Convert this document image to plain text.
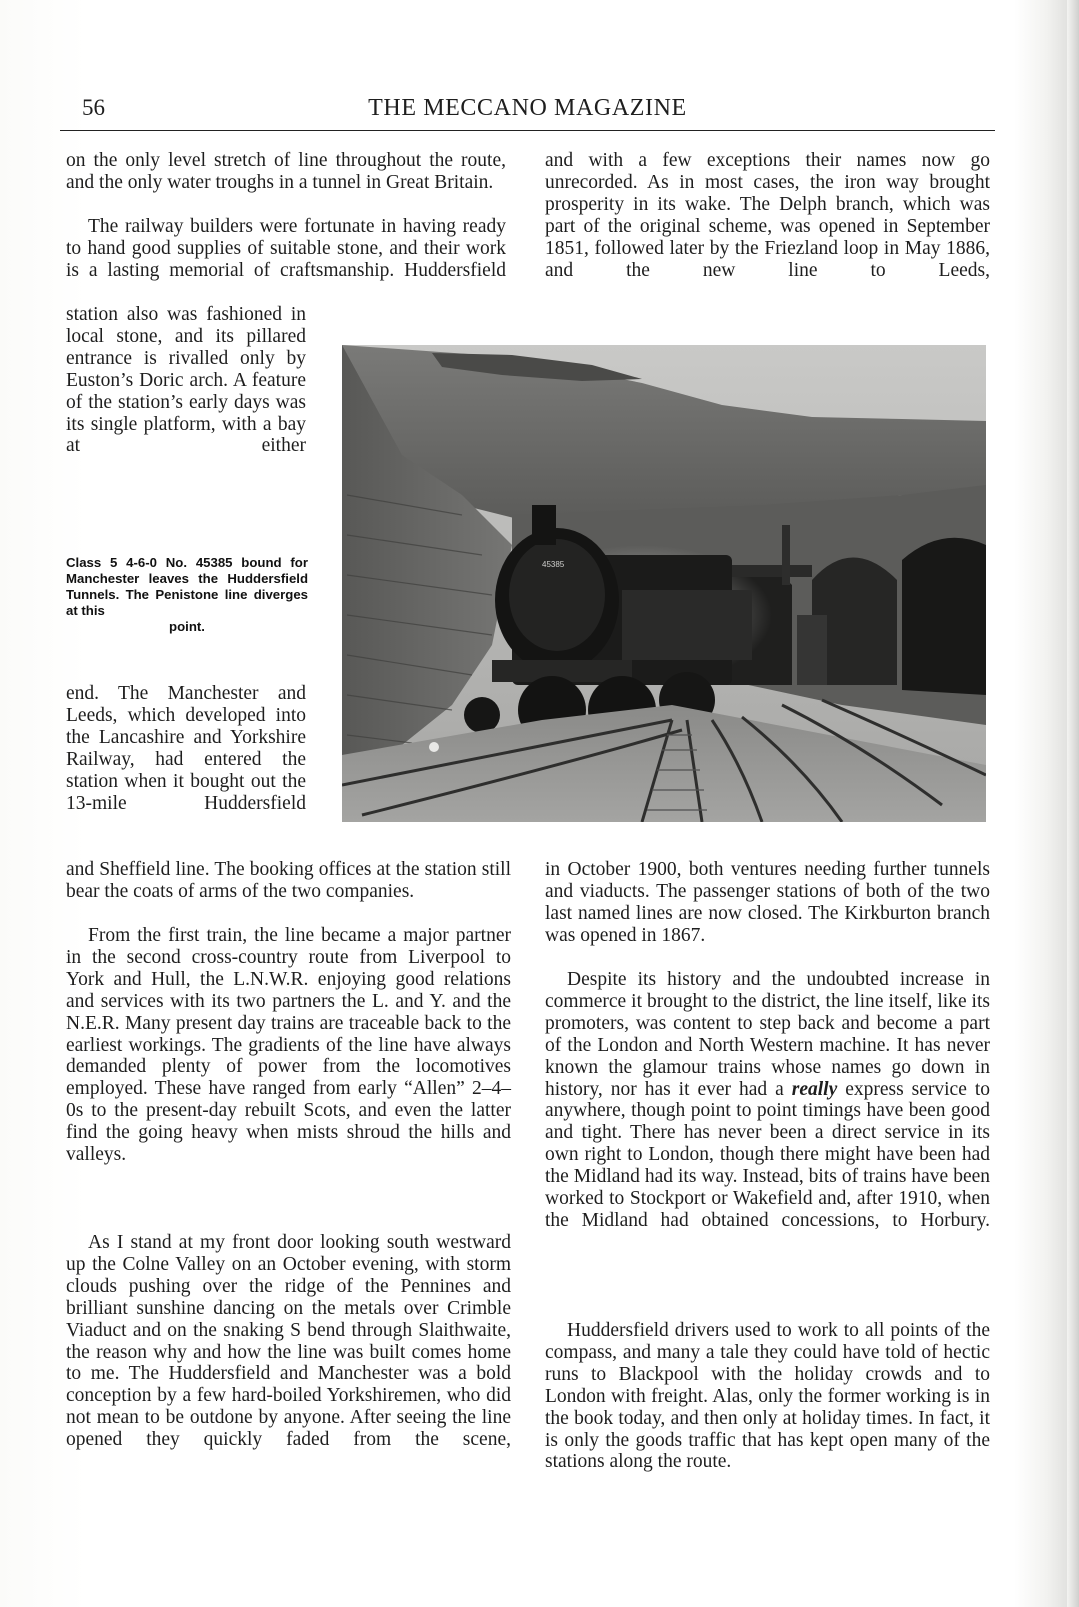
56	THE MECCANO MAGAZINE

on the only level stretch of line throughout the route, and the only water troughs in a tunnel in Great Britain.

The railway builders were fortunate in having ready to hand good supplies of suitable stone, and their work is a lasting memorial of craftsmanship. Huddersfield

station also was fashioned in local stone, and its pillared entrance is rivalled only by Euston’s Doric arch. A feature of the station’s early days was its single platform, with a bay at either

Class 5 4-6-0 No. 45385 bound for Manchester leaves the Huddersfield Tunnels. The Penistone line diverges at this
point.

end. The Manchester and Leeds, which developed into the Lancashire and Yorkshire Railway, had entered the station when it bought out the 13-mile Huddersfield

and Sheffield line. The booking offices at the station still bear the coats of arms of the two companies.

From the first train, the line became a major partner in the second cross-country route from Liverpool to York and Hull, the L.N.W.R. enjoying good relations and services with its two partners the L. and Y. and the N.E.R. Many present day trains are traceable back to the earliest workings. The gradients of the line have always demanded plenty of power from the locomotives employed. These have ranged from early “Allen” 2–4–0s to the present-day rebuilt Scots, and even the latter find the going heavy when mists shroud the hills and valleys.

As I stand at my front door looking south westward up the Colne Valley on an October evening, with storm clouds pushing over the ridge of the Pennines and brilliant sunshine dancing on the metals over Crimble Viaduct and on the snaking S bend through Slaithwaite, the reason why and how the line was built comes home to me. The Huddersfield and Manchester was a bold conception by a few hard-boiled Yorkshiremen, who did not mean to be outdone by anyone. After seeing the line opened they quickly faded from the scene,

and with a few exceptions their names now go unrecorded. As in most cases, the iron way brought prosperity in its wake. The Delph branch, which was part of the original scheme, was opened in September 1851, followed later by the Friezland loop in May 1886, and the new line to Leeds,

45385

in October 1900, both ventures needing further tunnels and viaducts. The passenger stations of both of the two last named lines are now closed. The Kirkburton branch was opened in 1867.

Despite its history and the undoubted increase in commerce it brought to the district, the line itself, like its promoters, was content to step back and become a part of the London and North Western machine. It has never known the glamour trains whose names go down in history, nor has it ever had a really express service to anywhere, though point to point timings have been good and tight. There has never been a direct service in its own right to London, though there might have been had the Midland had its way. Instead, bits of trains have been worked to Stockport or Wakefield and, after 1910, when the Midland had obtained concessions, to Horbury.

Huddersfield drivers used to work to all points of the compass, and many a tale they could have told of hectic runs to Blackpool with the holiday crowds and to London with freight. Alas, only the former working is in the book today, and then only at holiday times. In fact, it is only the goods traffic that has kept open many of the stations along the route.
